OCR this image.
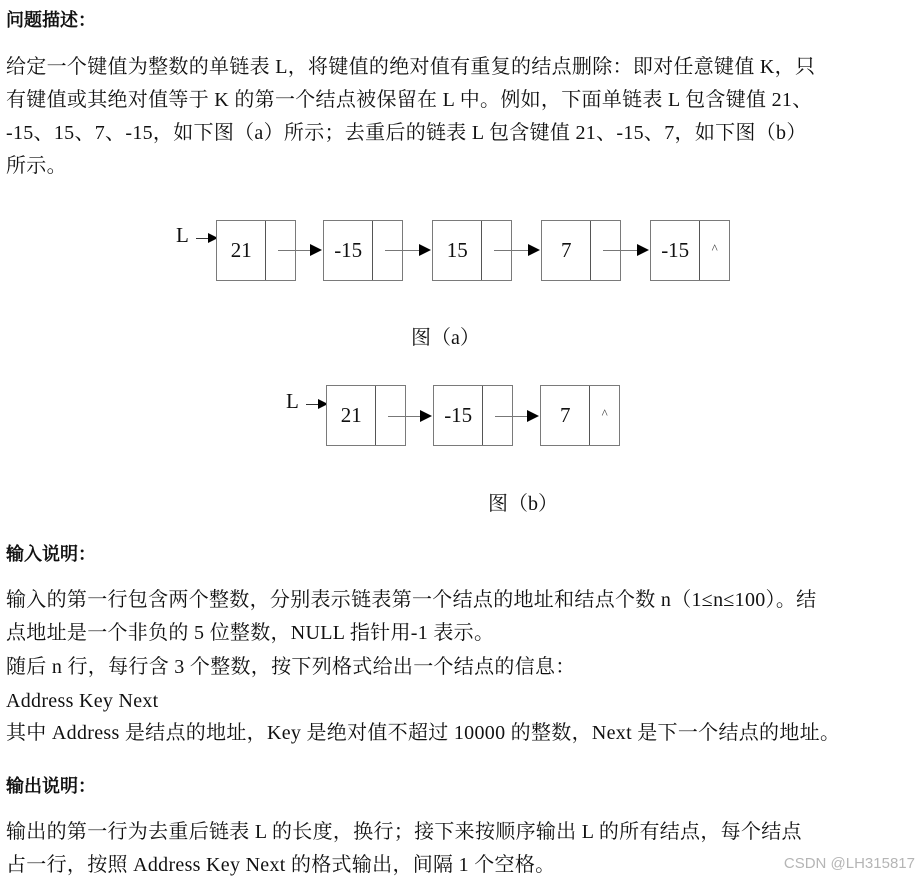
问题描述：
给定一个键值为整数的单链表 L，将键值的绝对值有重复的结点删除：即对任意键值 K，只
有键值或其绝对值等于 K 的第一个结点被保留在 L 中。例如，下面单链表 L 包含键值 21、
-15、15、7、-15，如下图（a）所示；去重后的链表 L 包含键值 21、-15、7，如下图（b）
所示。
L
21	-15	15	7	-15	^
图（a）
L
21	-15	7	^
图（b）
输入说明：
输入的第一行包含两个整数，分别表示链表第一个结点的地址和结点个数 n（1≤n≤100）。结
点地址是一个非负的 5 位整数，NULL 指针用-1 表示。
随后 n 行，每行含 3 个整数，按下列格式给出一个结点的信息：
Address Key Next
其中 Address 是结点的地址，Key 是绝对值不超过 10000 的整数，Next 是下一个结点的地址。
输出说明：
输出的第一行为去重后链表 L 的长度，换行；接下来按顺序输出 L 的所有结点，每个结点
占一行，按照 Address Key Next 的格式输出，间隔 1 个空格。	CSDN @LH315817
